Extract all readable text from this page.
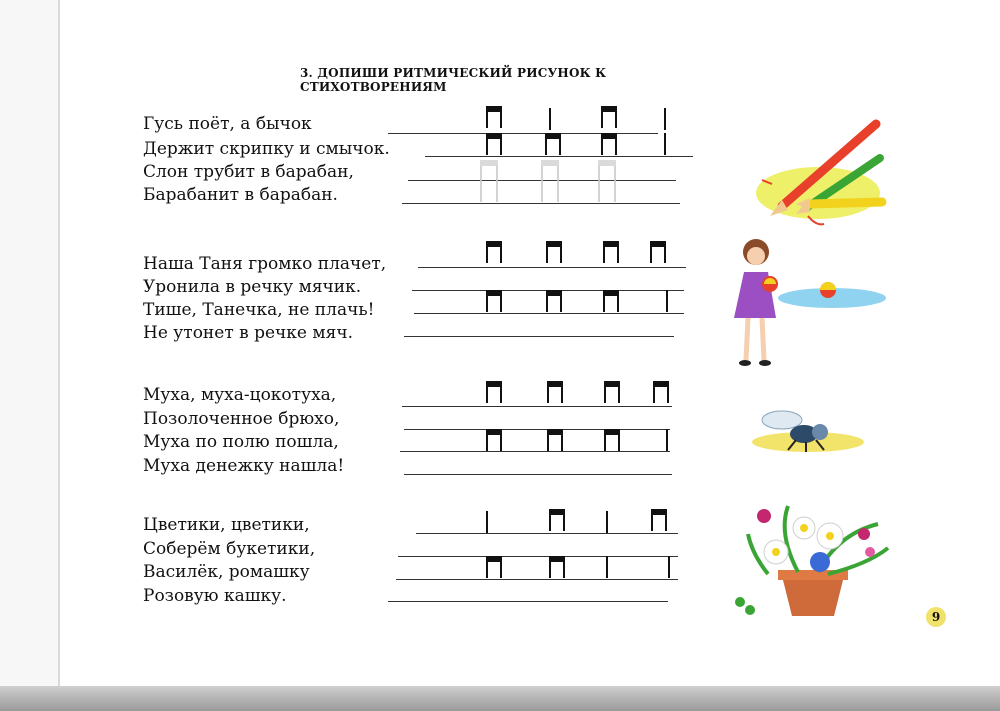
3. ДОПИШИ РИТМИЧЕСКИЙ РИСУНОК К СТИХОТВОРЕНИЯМ
Гусь поёт, а бычок
Держит скрипку и смычок.
Слон трубит в барабан,
Барабанит в барабан.
Наша Таня громко плачет,
Уронила в речку мячик.
Тише, Танечка, не плачь!
Не утонет в речке мяч.
Муха, муха-цокотуха,
Позолоченное брюхо,
Муха по полю пошла,
Муха денежку нашла!
Цветики, цветики,
Соберём букетики,
Василёк, ромашку
Розовую кашку.
9
